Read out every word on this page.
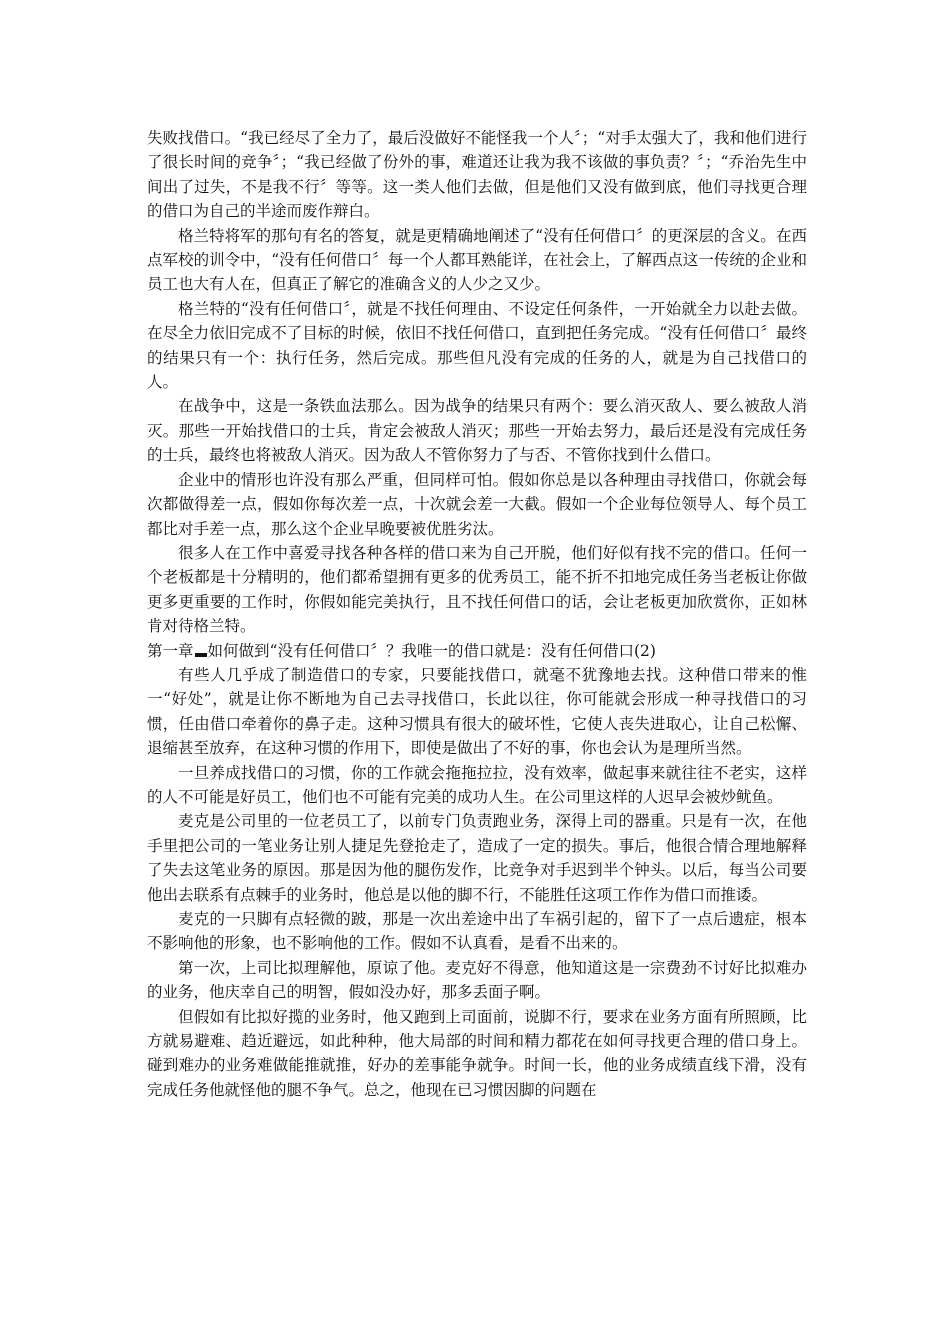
失败找借口。“我已经尽了全力了，最后没做好不能怪我一个人〞；“对手太强大了，我和他们进行了很长时间的竞争〞；“我已经做了份外的事，难道还让我为我不该做的事负责？〞；“乔治先生中间出了过失，不是我不行〞等等。这一类人他们去做，但是他们又没有做到底，他们寻找更合理的借口为自己的半途而废作辩白。

格兰特将军的那句有名的答复，就是更精确地阐述了“没有任何借口〞的更深层的含义。在西点军校的训令中，“没有任何借口〞每一个人都耳熟能详，在社会上，了解西点这一传统的企业和员工也大有人在，但真正了解它的准确含义的人少之又少。

格兰特的“没有任何借口〞，就是不找任何理由、不设定任何条件，一开始就全力以赴去做。在尽全力依旧完成不了目标的时候，依旧不找任何借口，直到把任务完成。“没有任何借口〞最终的结果只有一个：执行任务，然后完成。那些但凡没有完成的任务的人，就是为自己找借口的人。

在战争中，这是一条铁血法那么。因为战争的结果只有两个：要么消灭敌人、要么被敌人消灭。那些一开始找借口的士兵，肯定会被敌人消灭；那些一开始去努力，最后还是没有完成任务的士兵，最终也将被敌人消灭。因为敌人不管你努力了与否、不管你找到什么借口。

企业中的情形也许没有那么严重，但同样可怕。假如你总是以各种理由寻找借口，你就会每次都做得差一点，假如你每次差一点，十次就会差一大截。假如一个企业每位领导人、每个员工都比对手差一点，那么这个企业早晚要被优胜劣汰。

很多人在工作中喜爱寻找各种各样的借口来为自己开脱，他们好似有找不完的借口。任何一个老板都是十分精明的，他们都希望拥有更多的优秀员工，能不折不扣地完成任务当老板让你做更多更重要的工作时，你假如能完美执行，且不找任何借口的话，会让老板更加欣赏你，正如林肯对待格兰特。

第一章 如何做到“没有任何借口〞？我唯一的借口就是：没有任何借口(2)

有些人几乎成了制造借口的专家，只要能找借口，就毫不犹豫地去找。这种借口带来的惟一“好处”，就是让你不断地为自己去寻找借口，长此以往，你可能就会形成一种寻找借口的习惯，任由借口牵着你的鼻子走。这种习惯具有很大的破坏性，它使人丧失进取心，让自己松懈、退缩甚至放弃，在这种习惯的作用下，即使是做出了不好的事，你也会认为是理所当然。

一旦养成找借口的习惯，你的工作就会拖拖拉拉，没有效率，做起事来就往往不老实，这样的人不可能是好员工，他们也不可能有完美的成功人生。在公司里这样的人迟早会被炒鱿鱼。

麦克是公司里的一位老员工了，以前专门负责跑业务，深得上司的器重。只是有一次，在他手里把公司的一笔业务让别人捷足先登抢走了，造成了一定的损失。事后，他很合情合理地解释了失去这笔业务的原因。那是因为他的腿伤发作，比竞争对手迟到半个钟头。以后，每当公司要他出去联系有点棘手的业务时，他总是以他的脚不行，不能胜任这项工作作为借口而推诿。

麦克的一只脚有点轻微的跛，那是一次出差途中出了车祸引起的，留下了一点后遗症，根本不影响他的形象，也不影响他的工作。假如不认真看，是看不出来的。

第一次，上司比拟理解他，原谅了他。麦克好不得意，他知道这是一宗费劲不讨好比拟难办的业务，他庆幸自己的明智，假如没办好，那多丢面子啊。

但假如有比拟好揽的业务时，他又跑到上司面前，说脚不行，要求在业务方面有所照顾，比方就易避难、趋近避远，如此种种，他大局部的时间和精力都花在如何寻找更合理的借口身上。碰到难办的业务难做能推就推，好办的差事能争就争。时间一长，他的业务成绩直线下滑，没有完成任务他就怪他的腿不争气。总之，他现在已习惯因脚的问题在
